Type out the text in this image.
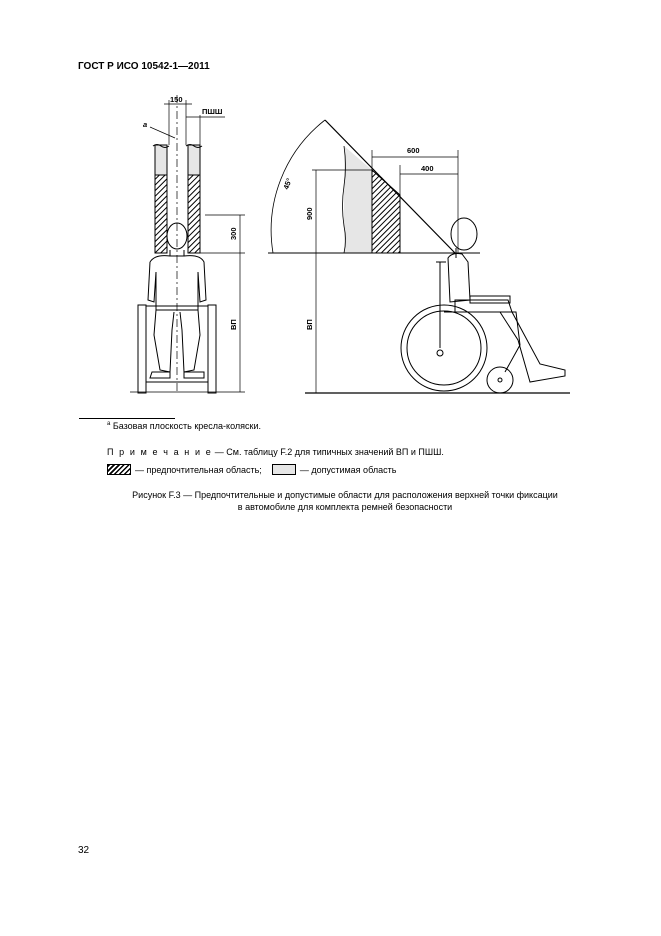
ГОСТ Р ИСО 10542-1—2011
150
a
ПШШ
300
ВП
600
400
900
45°
ВП
$^a$ Базовая плоскость кресла-коляски.
П р и м е ч а н и е — См. таблицу F.2 для типичных значений ВП и ПШШ.
— предпочтительная область;	— допустимая область
Рисунок F.3 — Предпочтительные и допустимые области для расположения верхней точки фиксации
в автомобиле для комплекта ремней безопасности
32
